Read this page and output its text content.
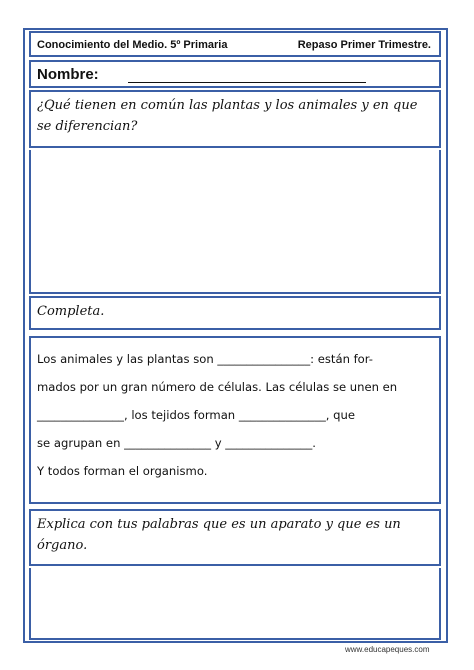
Conocimiento del Medio. 5º Primaria	Repaso Primer Trimestre.
Nombre:
¿Qué tienen en común las plantas y los animales y en que se diferencian?
Completa.
Los animales y las plantas son ________________: están for-
mados por un gran número de células. Las células se unen en
_______________, los tejidos forman _______________, que
se agrupan en _______________ y _______________.
Y todos forman el organismo.
Explica con tus palabras que es un aparato y que es un órgano.
www.educapeques.com
